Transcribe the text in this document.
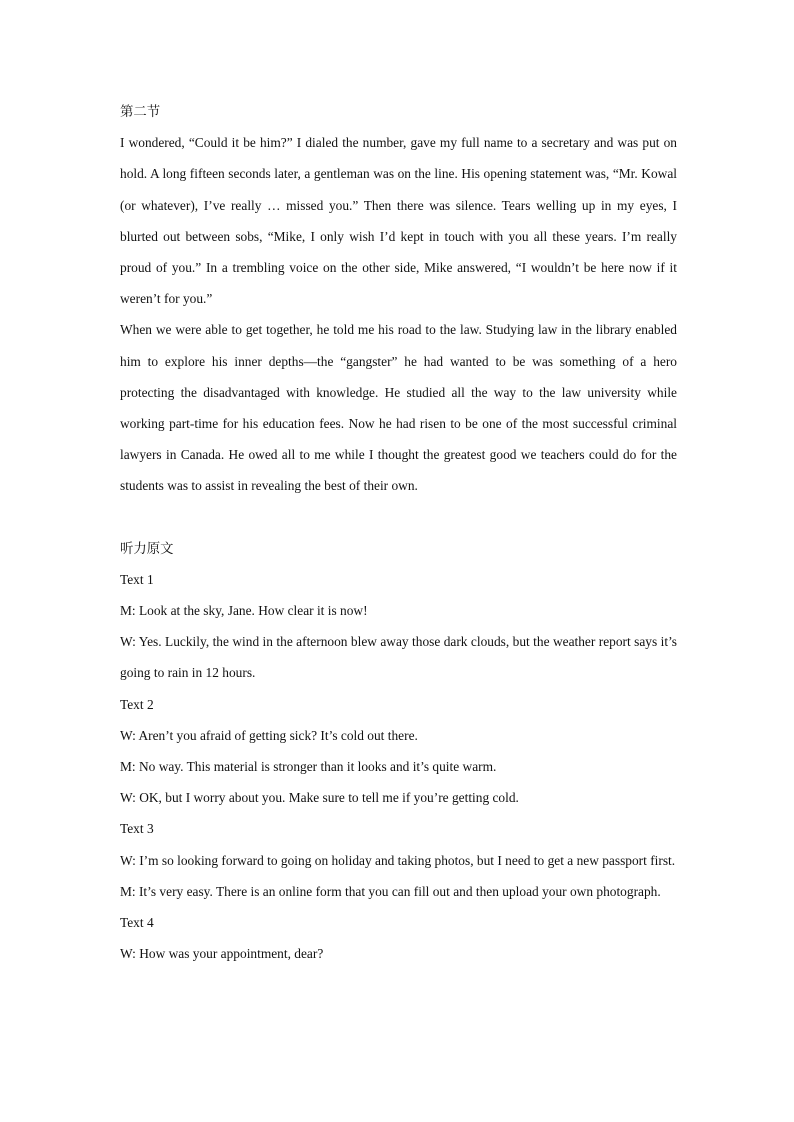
第二节

I wondered, “Could it be him?” I dialed the number, gave my full name to a secretary and was put on hold. A long fifteen seconds later, a gentleman was on the line. His opening statement was, “Mr. Kowal (or whatever), I’ve really … missed you.” Then there was silence. Tears welling up in my eyes, I blurted out between sobs, “Mike, I only wish I’d kept in touch with you all these years. I’m really proud of you.” In a trembling voice on the other side, Mike answered, “I wouldn’t be here now if it weren’t for you.”

When we were able to get together, he told me his road to the law. Studying law in the library enabled him to explore his inner depths—the “gangster” he had wanted to be was something of a hero protecting the disadvantaged with knowledge. He studied all the way to the law university while working part-time for his education fees. Now he had risen to be one of the most successful criminal lawyers in Canada. He owed all to me while I thought the greatest good we teachers could do for the students was to assist in revealing the best of their own.

听力原文

Text 1

M: Look at the sky, Jane. How clear it is now!

W: Yes. Luckily, the wind in the afternoon blew away those dark clouds, but the weather report says it’s going to rain in 12 hours.

Text 2

W: Aren’t you afraid of getting sick? It’s cold out there.

M: No way. This material is stronger than it looks and it’s quite warm.

W: OK, but I worry about you. Make sure to tell me if you’re getting cold.

Text 3

W: I’m so looking forward to going on holiday and taking photos, but I need to get a new passport first.

M: It’s very easy. There is an online form that you can fill out and then upload your own photograph.

Text 4

W: How was your appointment, dear?
